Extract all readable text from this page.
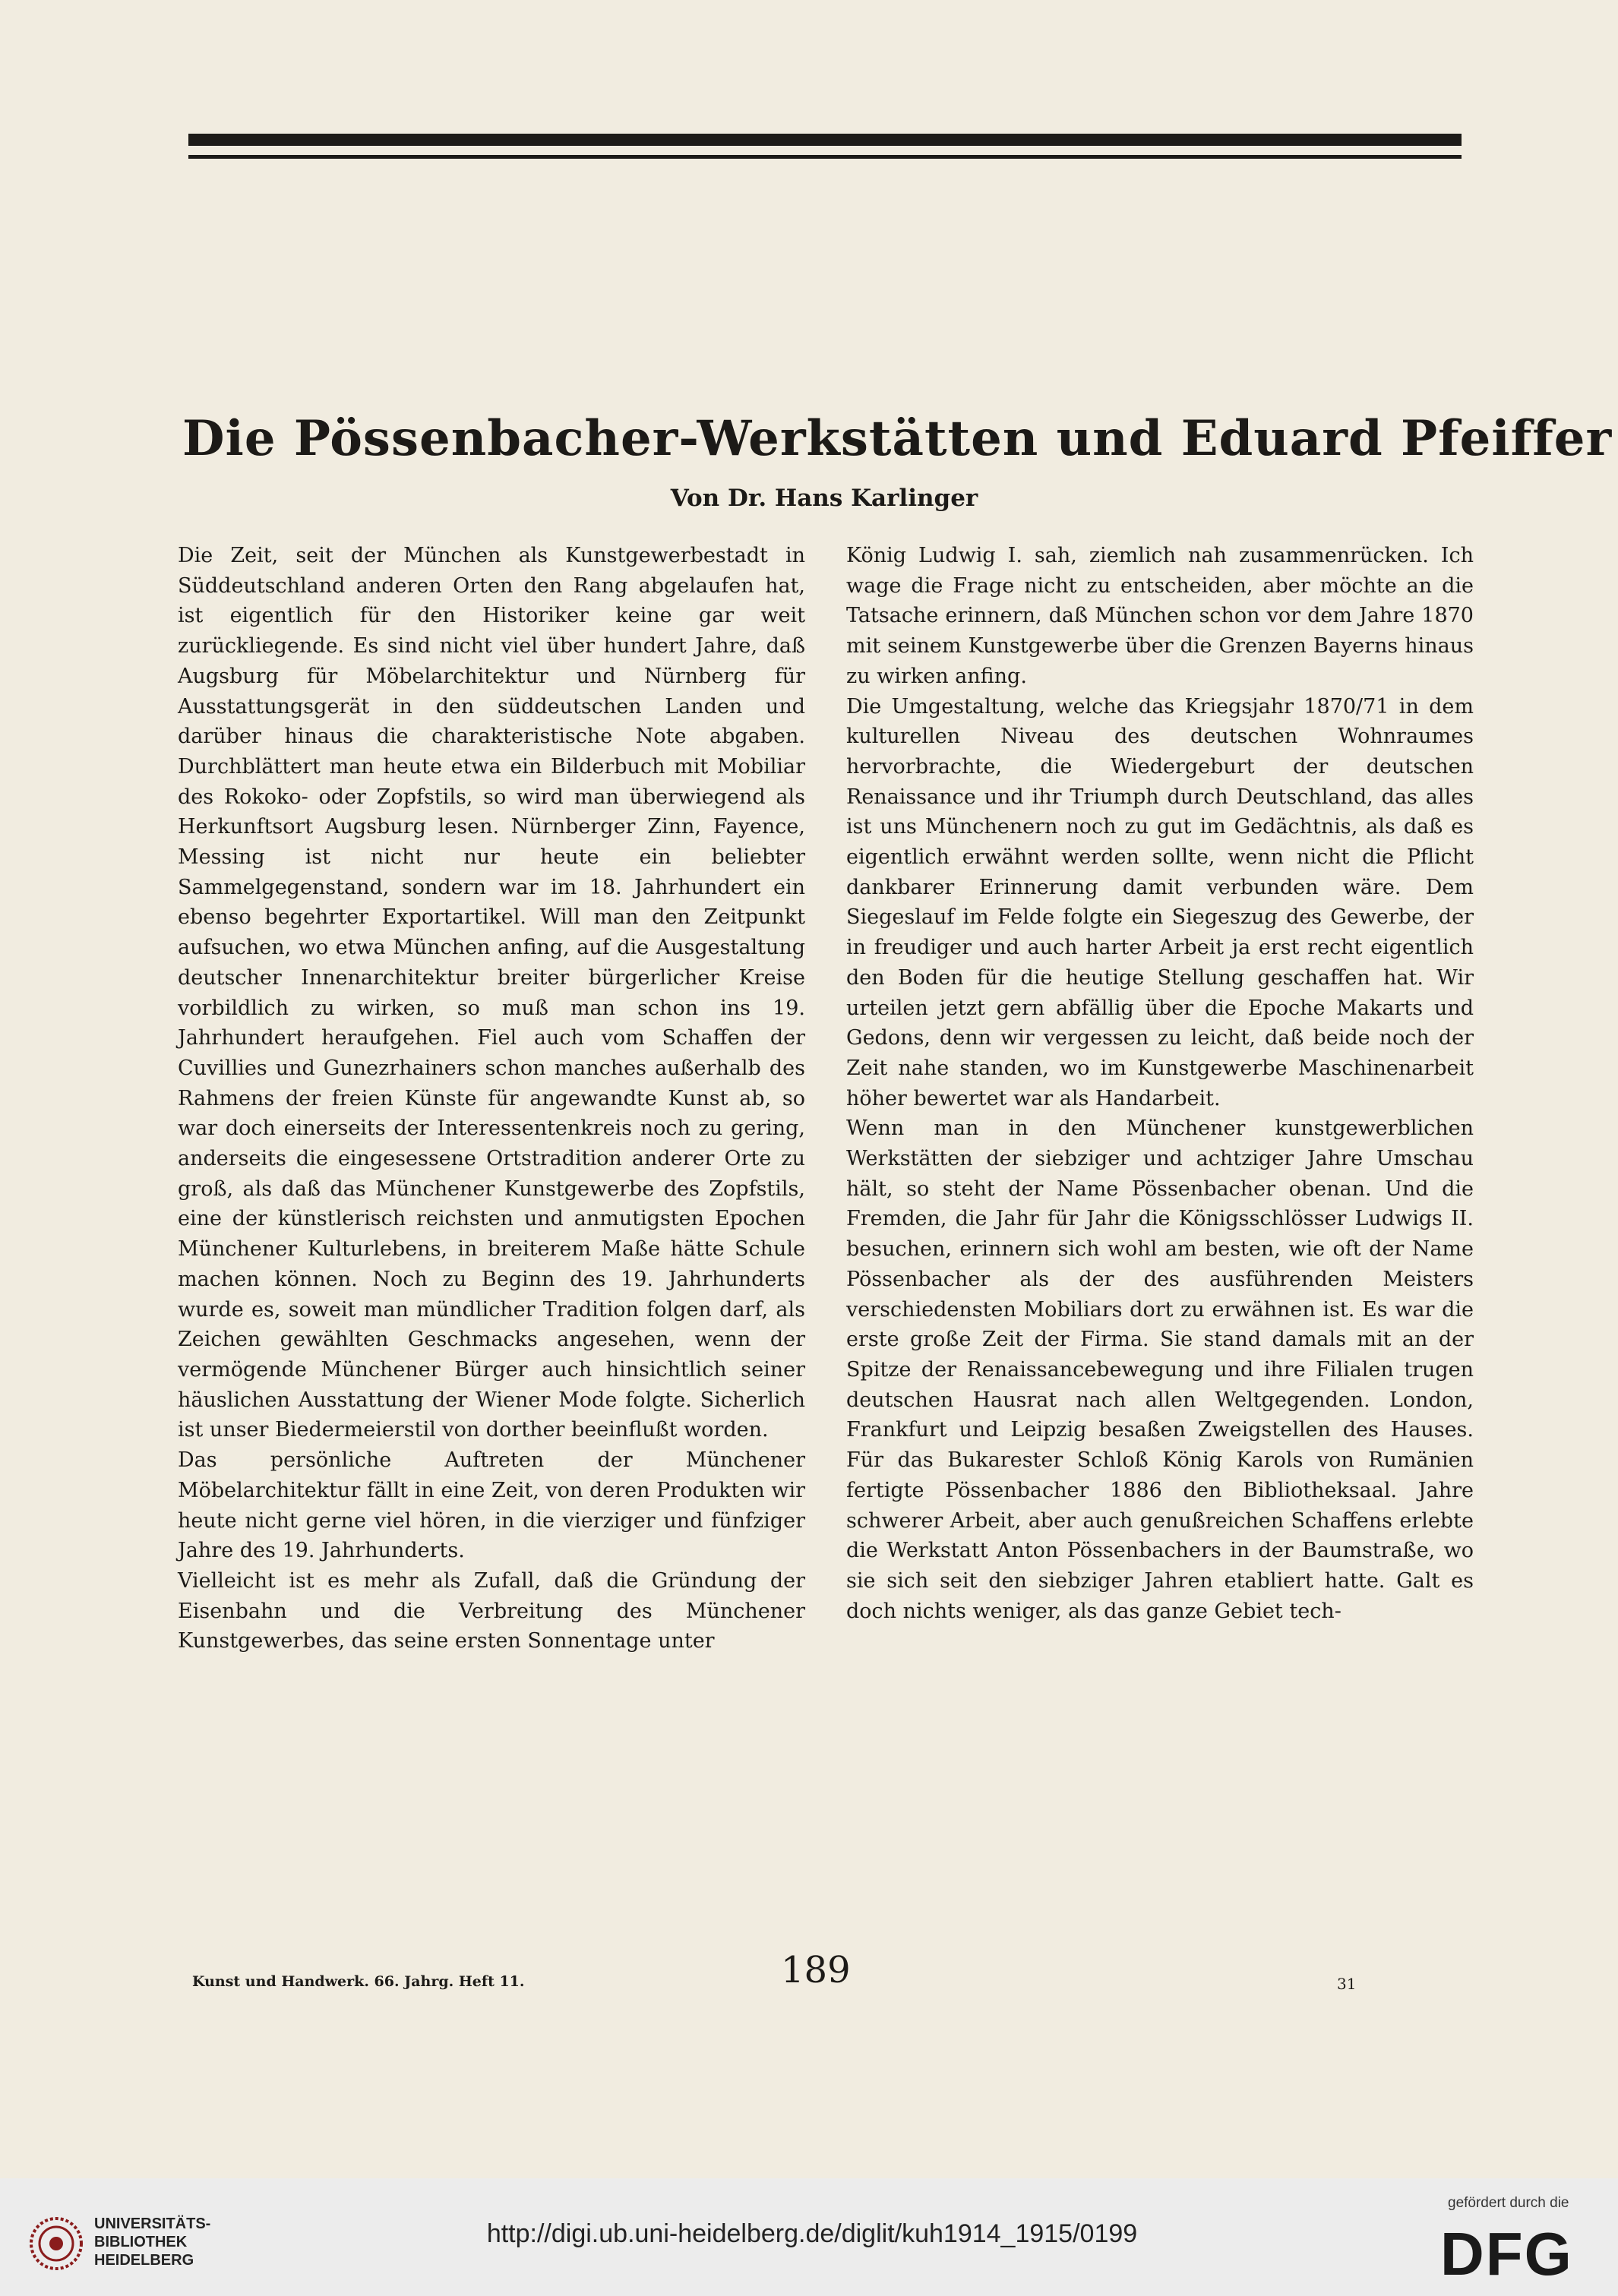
Die Pössenbacher-Werkstätten und Eduard Pfeiffer
Von Dr. Hans Karlinger

Die Zeit, seit der München als Kunstgewerbestadt in Süddeutschland anderen Orten den Rang abgelaufen hat, ist eigentlich für den Historiker keine gar weit zurückliegende. Es sind nicht viel über hundert Jahre, daß Augsburg für Möbelarchitektur und Nürnberg für Ausstattungsgerät in den süddeutschen Landen und darüber hinaus die charakteristische Note abgaben. Durchblättert man heute etwa ein Bilderbuch mit Mobiliar des Rokoko- oder Zopfstils, so wird man überwiegend als Herkunftsort Augsburg lesen. Nürnberger Zinn, Fayence, Messing ist nicht nur heute ein beliebter Sammelgegenstand, sondern war im 18. Jahrhundert ein ebenso begehrter Exportartikel. Will man den Zeitpunkt aufsuchen, wo etwa München anfing, auf die Ausgestaltung deutscher Innenarchitektur breiter bürgerlicher Kreise vorbildlich zu wirken, so muß man schon ins 19. Jahrhundert heraufgehen. Fiel auch vom Schaffen der Cuvillies und Gunezrhainers schon manches außerhalb des Rahmens der freien Künste für angewandte Kunst ab, so war doch einerseits der Interessentenkreis noch zu gering, anderseits die eingesessene Ortstradition anderer Orte zu groß, als daß das Münchener Kunstgewerbe des Zopfstils, eine der künstlerisch reichsten und anmutigsten Epochen Münchener Kulturlebens, in breiterem Maße hätte Schule machen können. Noch zu Beginn des 19. Jahrhunderts wurde es, soweit man mündlicher Tradition folgen darf, als Zeichen gewählten Geschmacks angesehen, wenn der vermögende Münchener Bürger auch hinsichtlich seiner häuslichen Ausstattung der Wiener Mode folgte. Sicherlich ist unser Biedermeierstil von dorther beeinflußt worden.

Das persönliche Auftreten der Münchener Möbelarchitektur fällt in eine Zeit, von deren Produkten wir heute nicht gerne viel hören, in die vierziger und fünfziger Jahre des 19. Jahrhunderts.

Vielleicht ist es mehr als Zufall, daß die Gründung der Eisenbahn und die Verbreitung des Münchener Kunstgewerbes, das seine ersten Sonnentage unter

König Ludwig I. sah, ziemlich nah zusammenrücken. Ich wage die Frage nicht zu entscheiden, aber möchte an die Tatsache erinnern, daß München schon vor dem Jahre 1870 mit seinem Kunstgewerbe über die Grenzen Bayerns hinaus zu wirken anfing.

Die Umgestaltung, welche das Kriegsjahr 1870/71 in dem kulturellen Niveau des deutschen Wohnraumes hervorbrachte, die Wiedergeburt der deutschen Renaissance und ihr Triumph durch Deutschland, das alles ist uns Münchenern noch zu gut im Gedächtnis, als daß es eigentlich erwähnt werden sollte, wenn nicht die Pflicht dankbarer Erinnerung damit verbunden wäre. Dem Siegeslauf im Felde folgte ein Siegeszug des Gewerbe, der in freudiger und auch harter Arbeit ja erst recht eigentlich den Boden für die heutige Stellung geschaffen hat. Wir urteilen jetzt gern abfällig über die Epoche Makarts und Gedons, denn wir vergessen zu leicht, daß beide noch der Zeit nahe standen, wo im Kunstgewerbe Maschinenarbeit höher bewertet war als Handarbeit.

Wenn man in den Münchener kunstgewerblichen Werkstätten der siebziger und achtziger Jahre Umschau hält, so steht der Name Pössenbacher obenan. Und die Fremden, die Jahr für Jahr die Königsschlösser Ludwigs II. besuchen, erinnern sich wohl am besten, wie oft der Name Pössenbacher als der des ausführenden Meisters verschiedensten Mobiliars dort zu erwähnen ist. Es war die erste große Zeit der Firma. Sie stand damals mit an der Spitze der Renaissancebewegung und ihre Filialen trugen deutschen Hausrat nach allen Weltgegenden. London, Frankfurt und Leipzig besaßen Zweigstellen des Hauses. Für das Bukarester Schloß König Karols von Rumänien fertigte Pössenbacher 1886 den Bibliotheksaal. Jahre schwerer Arbeit, aber auch genußreichen Schaffens erlebte die Werkstatt Anton Pössenbachers in der Baumstraße, wo sie sich seit den siebziger Jahren etabliert hatte. Galt es doch nichts weniger, als das ganze Gebiet tech-

Kunst und Handwerk. 66. Jahrg. Heft 11.	189	31
UNIVERSITÄTS-
BIBLIOTHEK
HEIDELBERG
http://digi.ub.uni-heidelberg.de/diglit/kuh1914_1915/0199
gefördert durch die
DFG
